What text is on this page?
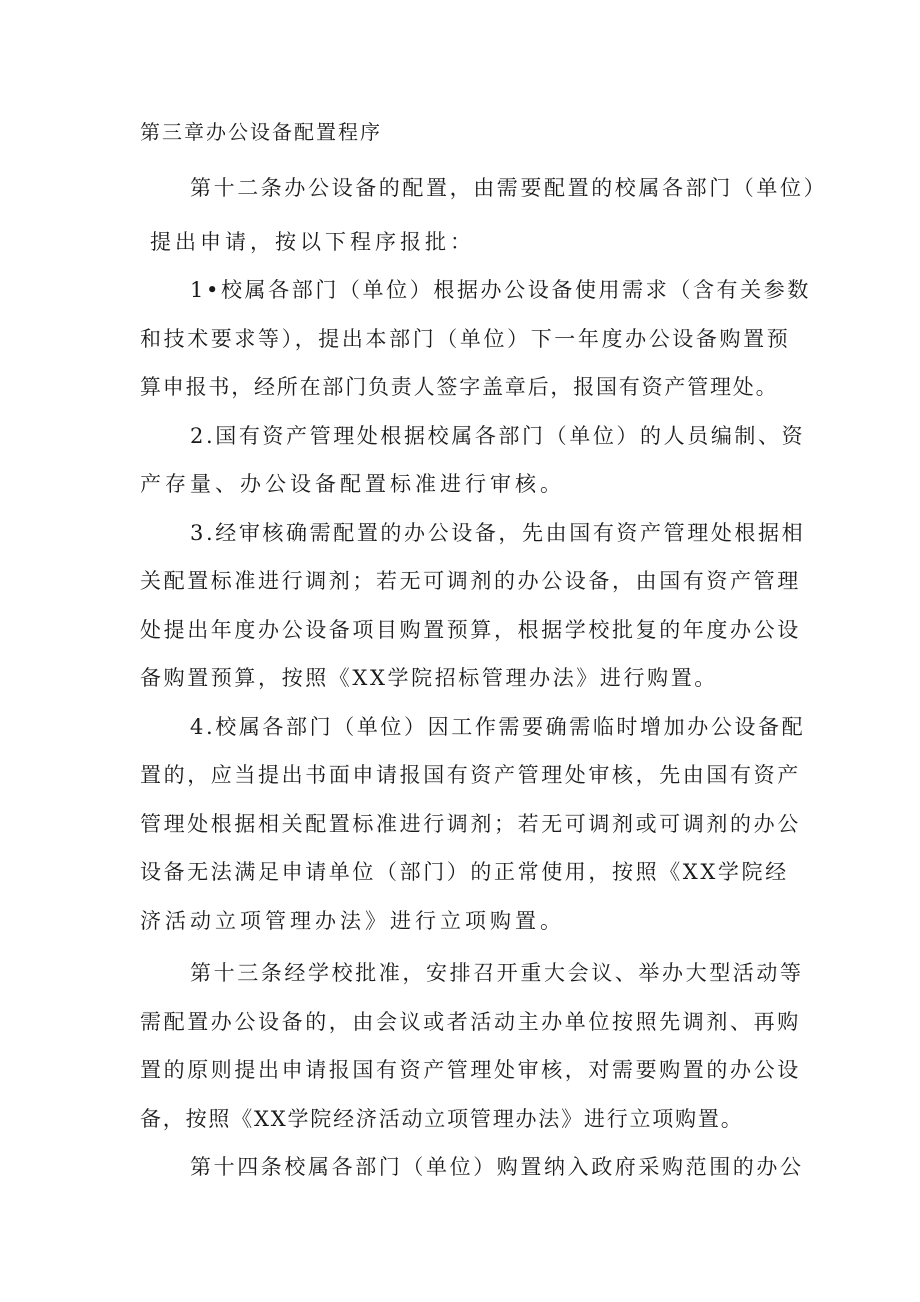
第三章办公设备配置程序

第十二条办公设备的配置，由需要配置的校属各部门（单位）

提出申请，按以下程序报批：

1•校属各部门（单位）根据办公设备使用需求（含有关参数

和技术要求等），提出本部门（单位）下一年度办公设备购置预

算申报书，经所在部门负责人签字盖章后，报国有资产管理处。

2.国有资产管理处根据校属各部门（单位）的人员编制、资

产存量、办公设备配置标准进行审核。

3.经审核确需配置的办公设备，先由国有资产管理处根据相

关配置标准进行调剂；若无可调剂的办公设备，由国有资产管理

处提出年度办公设备项目购置预算，根据学校批复的年度办公设

备购置预算，按照《XX学院招标管理办法》进行购置。

4.校属各部门（单位）因工作需要确需临时增加办公设备配

置的，应当提出书面申请报国有资产管理处审核，先由国有资产

管理处根据相关配置标准进行调剂；若无可调剂或可调剂的办公

设备无法满足申请单位（部门）的正常使用，按照《XX学院经

济活动立项管理办法》进行立项购置。

第十三条经学校批准，安排召开重大会议、举办大型活动等

需配置办公设备的，由会议或者活动主办单位按照先调剂、再购

置的原则提出申请报国有资产管理处审核，对需要购置的办公设

备，按照《XX学院经济活动立项管理办法》进行立项购置。

第十四条校属各部门（单位）购置纳入政府采购范围的办公
